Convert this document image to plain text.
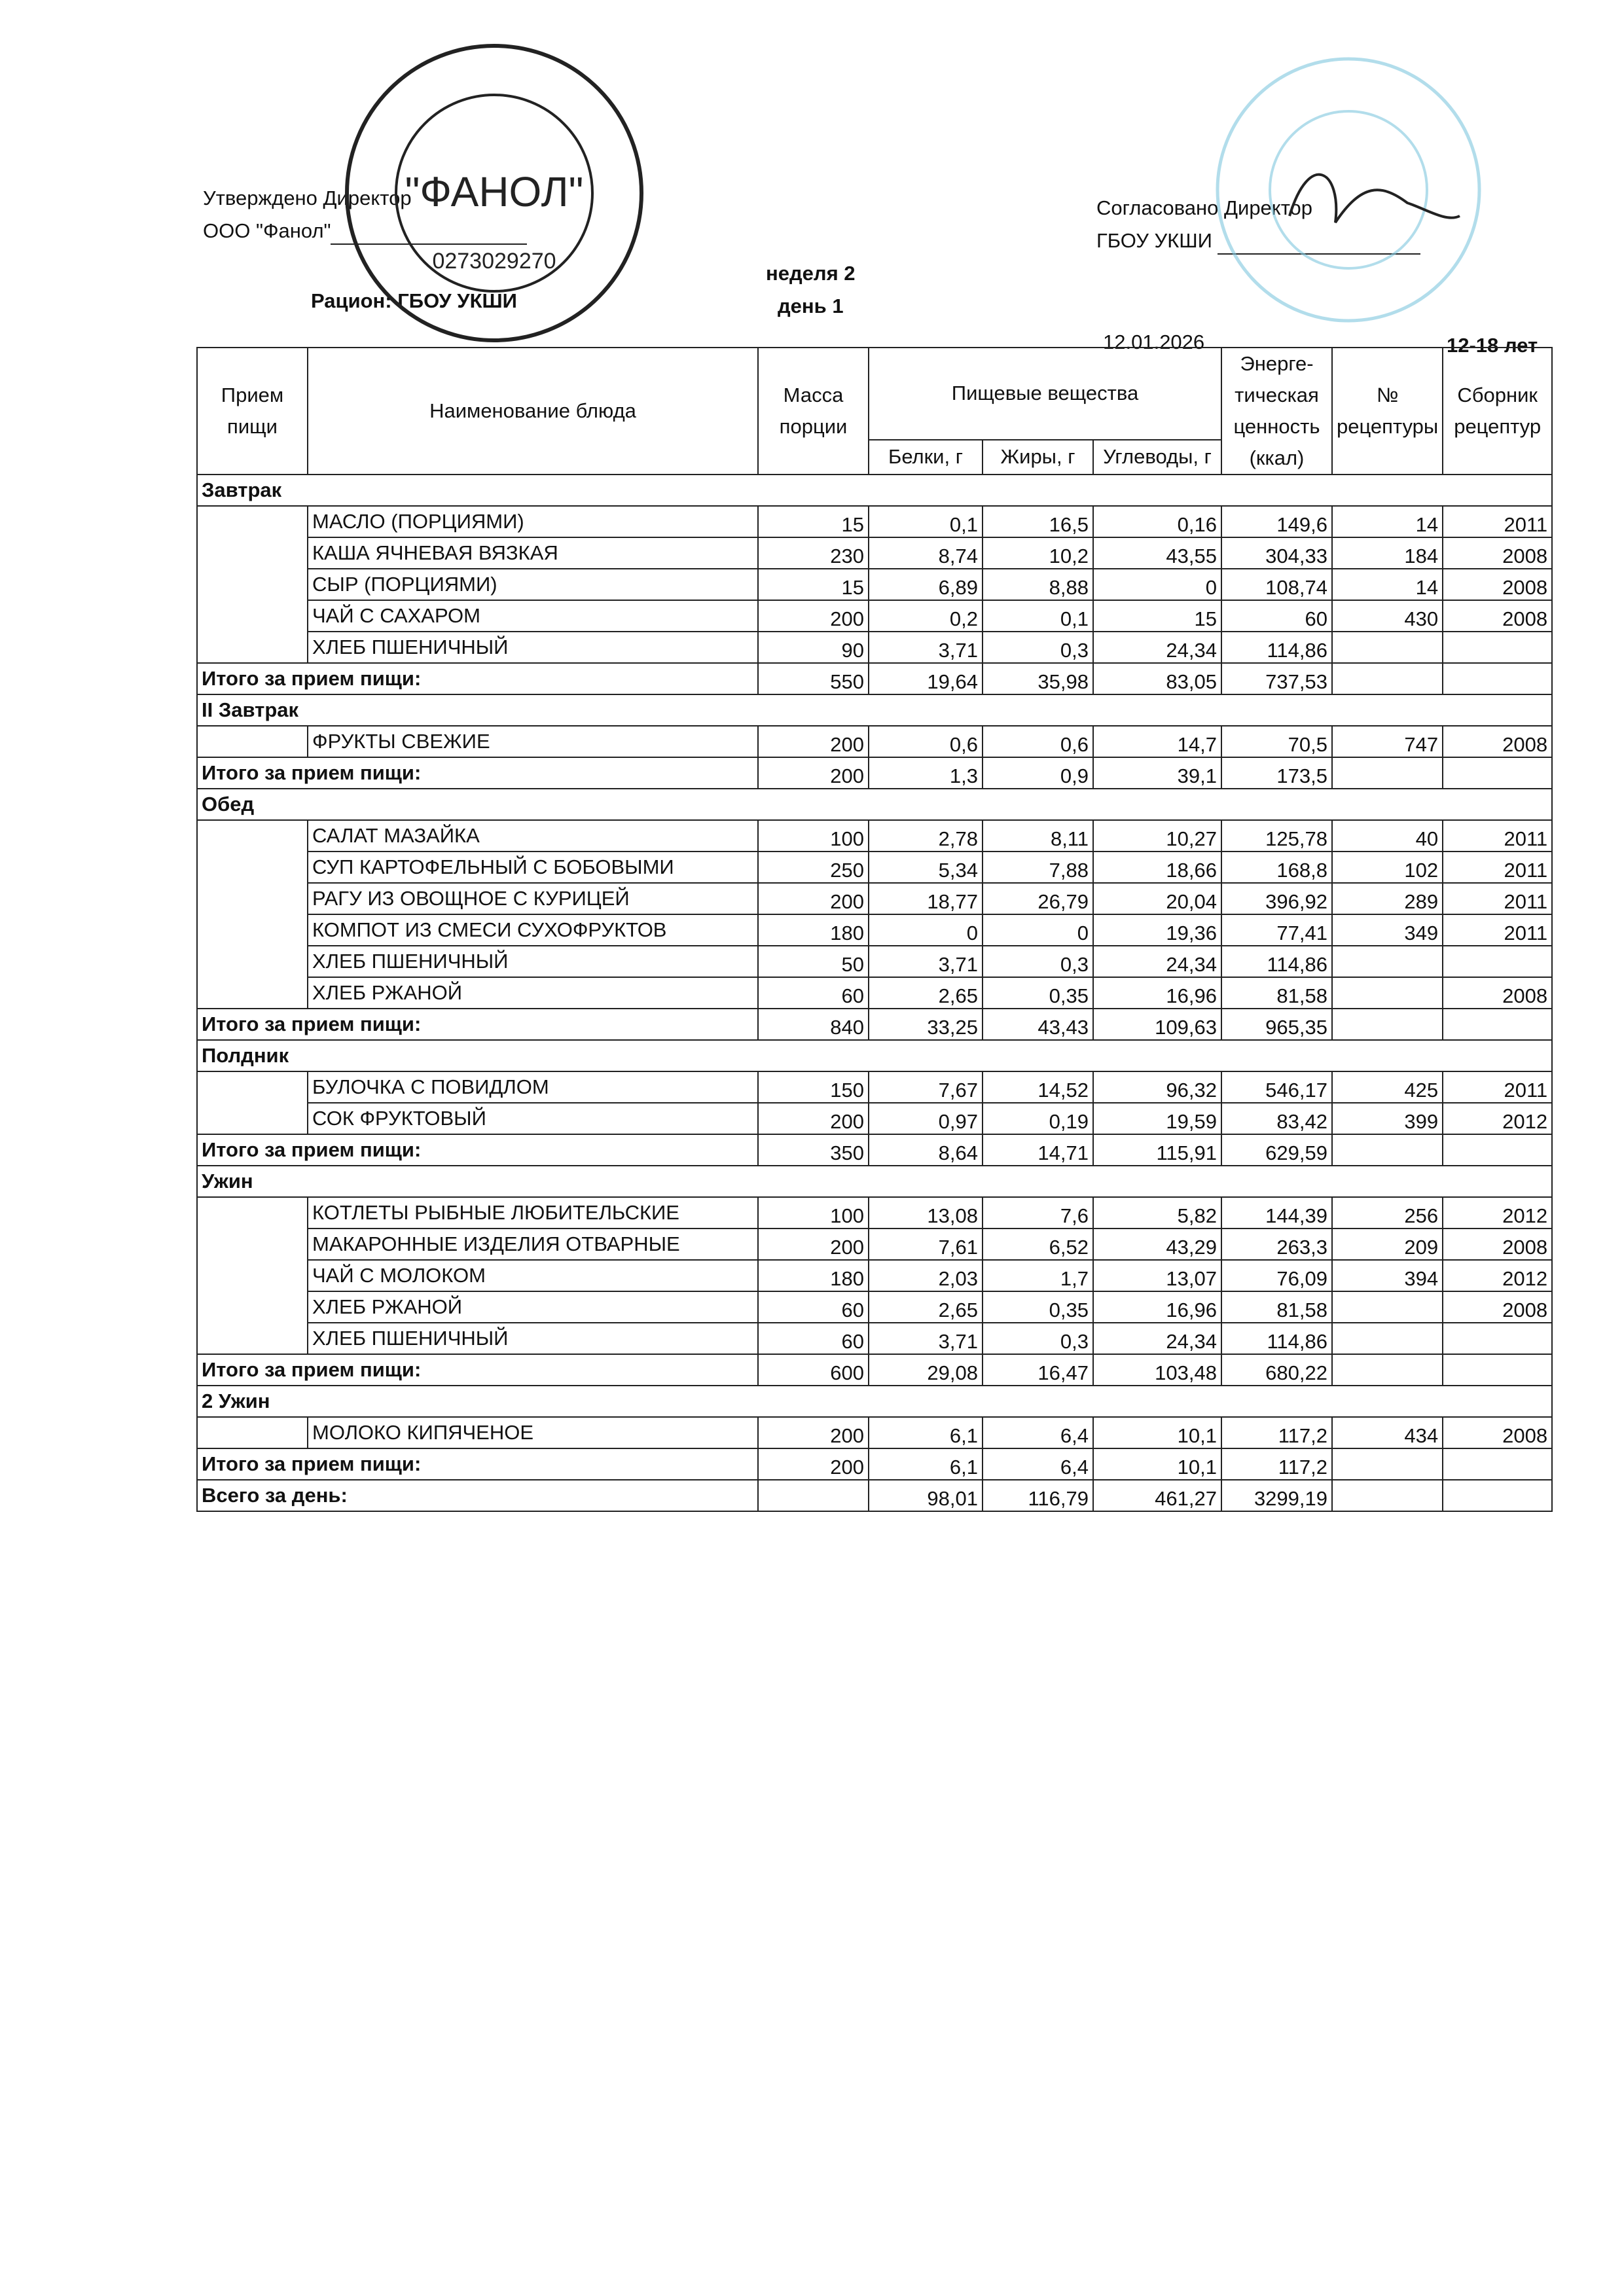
Утверждено Директор
ООО "Фанол"
неделя 2
Рацион: ГБОУ УКШИ	день 1
Согласовано Директор
ГБОУ УКШИ
12.01.2026	12-18 лет
"ФАНОЛ"
0273029270
Прием пищи	Наименование блюда	Масса порции	Пищевые вещества			Энерге-тическая ценность (ккал)	№ рецептуры	Сборник рецептур
			Белки, г	Жиры, г	Углеводы, г			
Завтрак								
	МАСЛО (ПОРЦИЯМИ)	15	0,1	16,5	0,16	149,6	14	2011
	КАША ЯЧНЕВАЯ ВЯЗКАЯ	230	8,74	10,2	43,55	304,33	184	2008
	СЫР (ПОРЦИЯМИ)	15	6,89	8,88	0	108,74	14	2008
	ЧАЙ С САХАРОМ	200	0,2	0,1	15	60	430	2008
	ХЛЕБ ПШЕНИЧНЫЙ	90	3,71	0,3	24,34	114,86		
Итого за прием пищи:		550	19,64	35,98	83,05	737,53		
II Завтрак								
	ФРУКТЫ СВЕЖИЕ	200	0,6	0,6	14,7	70,5	747	2008
Итого за прием пищи:		200	1,3	0,9	39,1	173,5		
Обед								
	САЛАТ МАЗАЙКА	100	2,78	8,11	10,27	125,78	40	2011
	СУП КАРТОФЕЛЬНЫЙ С БОБОВЫМИ	250	5,34	7,88	18,66	168,8	102	2011
	РАГУ ИЗ ОВОЩНОЕ С КУРИЦЕЙ	200	18,77	26,79	20,04	396,92	289	2011
	КОМПОТ ИЗ СМЕСИ СУХОФРУКТОВ	180	0	0	19,36	77,41	349	2011
	ХЛЕБ ПШЕНИЧНЫЙ	50	3,71	0,3	24,34	114,86		
	ХЛЕБ РЖАНОЙ	60	2,65	0,35	16,96	81,58		2008
Итого за прием пищи:		840	33,25	43,43	109,63	965,35		
Полдник								
	БУЛОЧКА С ПОВИДЛОМ	150	7,67	14,52	96,32	546,17	425	2011
	СОК ФРУКТОВЫЙ	200	0,97	0,19	19,59	83,42	399	2012
Итого за прием пищи:		350	8,64	14,71	115,91	629,59		
Ужин								
	КОТЛЕТЫ РЫБНЫЕ ЛЮБИТЕЛЬСКИЕ	100	13,08	7,6	5,82	144,39	256	2012
	МАКАРОННЫЕ ИЗДЕЛИЯ ОТВАРНЫЕ	200	7,61	6,52	43,29	263,3	209	2008
	ЧАЙ С МОЛОКОМ	180	2,03	1,7	13,07	76,09	394	2012
	ХЛЕБ РЖАНОЙ	60	2,65	0,35	16,96	81,58		2008
	ХЛЕБ ПШЕНИЧНЫЙ	60	3,71	0,3	24,34	114,86		
Итого за прием пищи:		600	29,08	16,47	103,48	680,22		
2 Ужин								
	МОЛОКО КИПЯЧЕНОЕ	200	6,1	6,4	10,1	117,2	434	2008
Итого за прием пищи:		200	6,1	6,4	10,1	117,2		
Всего за день:			98,01	116,79	461,27	3299,19		
